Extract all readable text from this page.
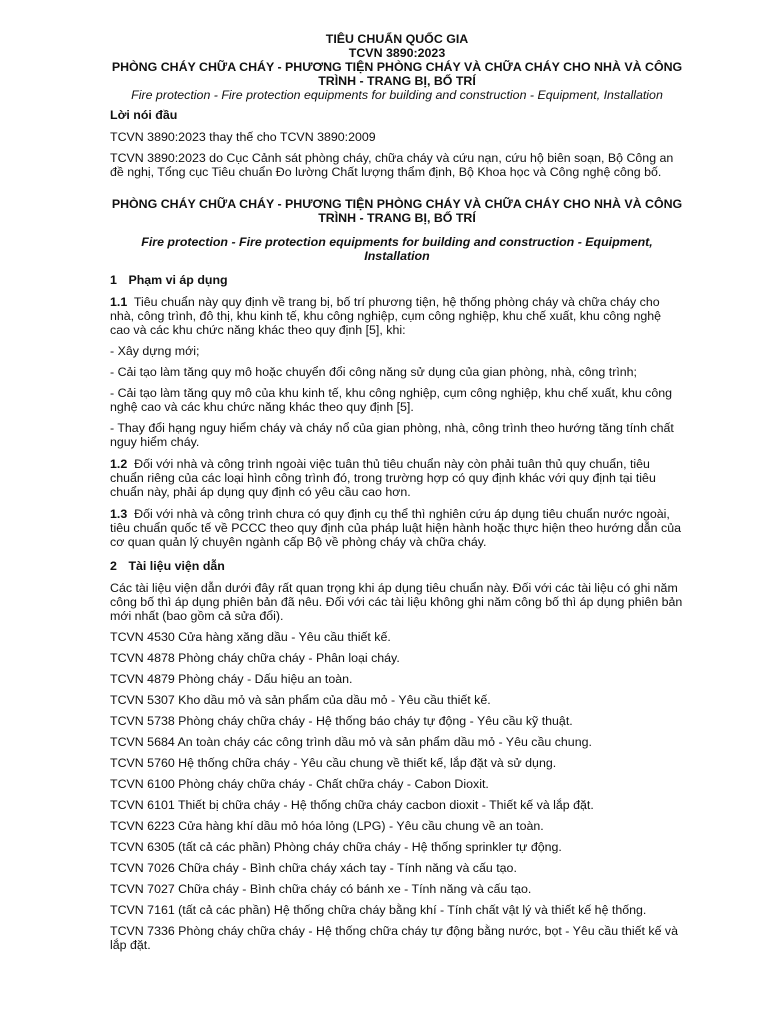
TIÊU CHUẨN QUỐC GIA
TCVN 3890:2023
PHÒNG CHÁY CHỮA CHÁY - PHƯƠNG TIỆN PHÒNG CHÁY VÀ CHỮA CHÁY CHO NHÀ VÀ CÔNG TRÌNH - TRANG BỊ, BỐ TRÍ
Fire protection - Fire protection equipments for building and construction - Equipment, Installation
Lời nói đầu

TCVN 3890:2023 thay thế cho TCVN 3890:2009

TCVN 3890:2023 do Cục Cảnh sát phòng cháy, chữa cháy và cứu nạn, cứu hộ biên soạn, Bộ Công an đề nghị, Tổng cục Tiêu chuẩn Đo lường Chất lượng thẩm định, Bộ Khoa học và Công nghệ công bố.

PHÒNG CHÁY CHỮA CHÁY - PHƯƠNG TIỆN PHÒNG CHÁY VÀ CHỮA CHÁY CHO NHÀ VÀ CÔNG TRÌNH - TRANG BỊ, BỐ TRÍ
Fire protection - Fire protection equipments for building and construction - Equipment, Installation
1 Phạm vi áp dụng

1.1 Tiêu chuẩn này quy định về trang bị, bố trí phương tiện, hệ thống phòng cháy và chữa cháy cho nhà, công trình, đô thị, khu kinh tế, khu công nghiệp, cụm công nghiệp, khu chế xuất, khu công nghệ cao và các khu chức năng khác theo quy định [5], khi:

- Xây dựng mới;

- Cải tạo làm tăng quy mô hoặc chuyển đổi công năng sử dụng của gian phòng, nhà, công trình;

- Cải tạo làm tăng quy mô của khu kinh tế, khu công nghiệp, cụm công nghiệp, khu chế xuất, khu công nghệ cao và các khu chức năng khác theo quy định [5].

- Thay đổi hạng nguy hiểm cháy và cháy nổ của gian phòng, nhà, công trình theo hướng tăng tính chất nguy hiểm cháy.

1.2 Đối với nhà và công trình ngoài việc tuân thủ tiêu chuẩn này còn phải tuân thủ quy chuẩn, tiêu chuẩn riêng của các loại hình công trình đó, trong trường hợp có quy định khác với quy định tại tiêu chuẩn này, phải áp dụng quy định có yêu cầu cao hơn.

1.3 Đối với nhà và công trình chưa có quy định cụ thể thì nghiên cứu áp dụng tiêu chuẩn nước ngoài, tiêu chuẩn quốc tế về PCCC theo quy định của pháp luật hiện hành hoặc thực hiện theo hướng dẫn của cơ quan quản lý chuyên ngành cấp Bộ về phòng cháy và chữa cháy.

2 Tài liệu viện dẫn

Các tài liệu viện dẫn dưới đây rất quan trọng khi áp dụng tiêu chuẩn này. Đối với các tài liệu có ghi năm công bố thì áp dụng phiên bản đã nêu. Đối với các tài liệu không ghi năm công bố thì áp dụng phiên bản mới nhất (bao gồm cả sửa đổi).

TCVN 4530 Cửa hàng xăng dầu - Yêu cầu thiết kế.

TCVN 4878 Phòng cháy chữa cháy - Phân loại cháy.

TCVN 4879 Phòng cháy - Dấu hiệu an toàn.

TCVN 5307 Kho dầu mỏ và sản phẩm của dầu mỏ - Yêu cầu thiết kế.

TCVN 5738 Phòng cháy chữa cháy - Hệ thống báo cháy tự động - Yêu cầu kỹ thuật.

TCVN 5684 An toàn cháy các công trình dầu mỏ và sản phẩm dầu mỏ - Yêu cầu chung.

TCVN 5760 Hệ thống chữa cháy - Yêu cầu chung về thiết kế, lắp đặt và sử dụng.

TCVN 6100 Phòng cháy chữa cháy - Chất chữa cháy - Cabon Dioxit.

TCVN 6101 Thiết bị chữa cháy - Hệ thống chữa cháy cacbon dioxit - Thiết kế và lắp đặt.

TCVN 6223 Cửa hàng khí dầu mỏ hóa lỏng (LPG) - Yêu cầu chung về an toàn.

TCVN 6305 (tất cả các phần) Phòng cháy chữa cháy - Hệ thống sprinkler tự động.

TCVN 7026 Chữa cháy - Bình chữa cháy xách tay - Tính năng và cấu tạo.

TCVN 7027 Chữa cháy - Bình chữa cháy có bánh xe - Tính năng và cấu tạo.

TCVN 7161 (tất cả các phần) Hệ thống chữa cháy bằng khí - Tính chất vật lý và thiết kế hệ thống.

TCVN 7336 Phòng cháy chữa cháy - Hệ thống chữa cháy tự động bằng nước, bọt - Yêu cầu thiết kế và lắp đặt.
